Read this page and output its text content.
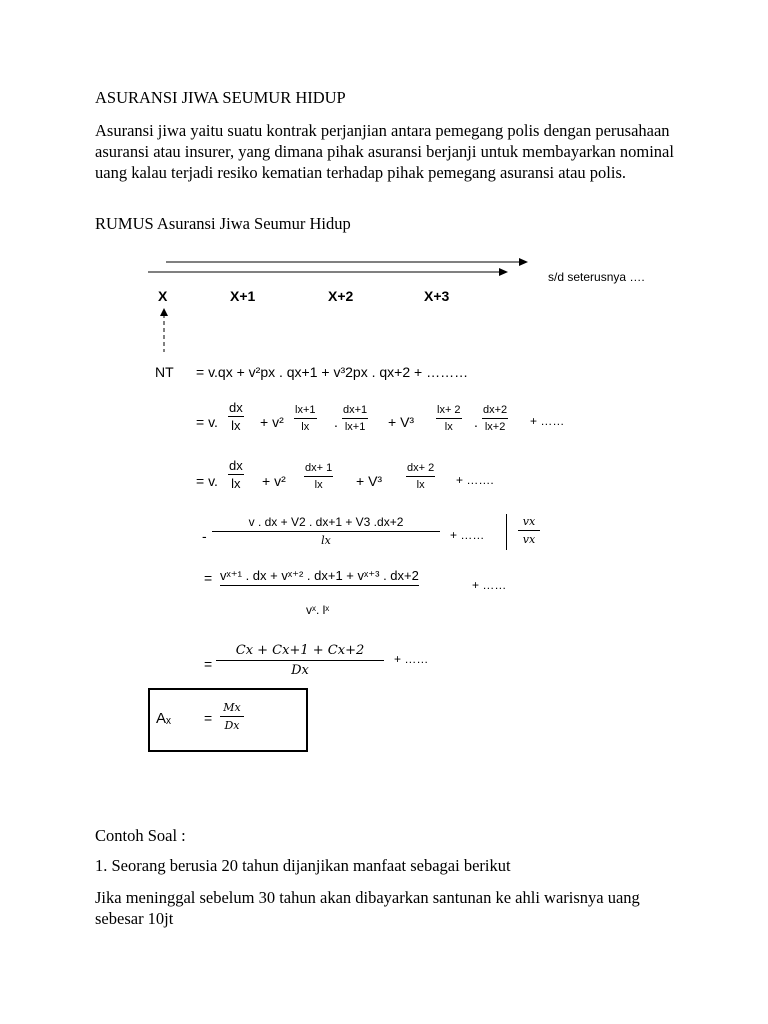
ASURANSI JIWA SEUMUR HIDUP
Asuransi jiwa yaitu suatu kontrak perjanjian antara pemegang polis dengan perusahaan asuransi atau insurer, yang dimana pihak asuransi berjanji untuk membayarkan nominal uang kalau terjadi resiko kematian terhadap pihak pemegang asuransi atau polis.
RUMUS Asuransi Jiwa Seumur Hidup
s/d seterusnya ….
X	X+1	X+2	X+3
NT = v.qx + v²px . qx+1 + v³2px . qx+2 + ………
= v. $\frac{dx}{lx} + v^2 \frac{lx+1}{lx}$ . $\frac{dx+1}{lx+1} + V^3 \frac{lx+ 2}{lx}$ . $\frac{dx+2}{lx+2}$ + ……
= v. $\frac{dx}{lx} + v^2 \frac{dx+ 1}{lx} + V^3 \frac{dx+ 2}{lx}$ + …….
- $\frac{v . dx + V2 . dx+1 + V3 .dx+2}{lx}$ + ……	$\frac{vx}{vx}$
= vˣ⁺¹ . dx + vˣ⁺² . dx+1 + vˣ⁺³ . dx+2
+ ……
vˣ. lˣ
= $\frac{Cx + Cx+1 + Cx+2}{Dx}$ + ……
$A_x = \frac{Mx}{Dx}$
Contoh Soal :
1. Seorang berusia 20 tahun dijanjikan manfaat sebagai berikut
Jika meninggal sebelum 30 tahun akan dibayarkan santunan ke ahli warisnya uang sebesar 10jt
